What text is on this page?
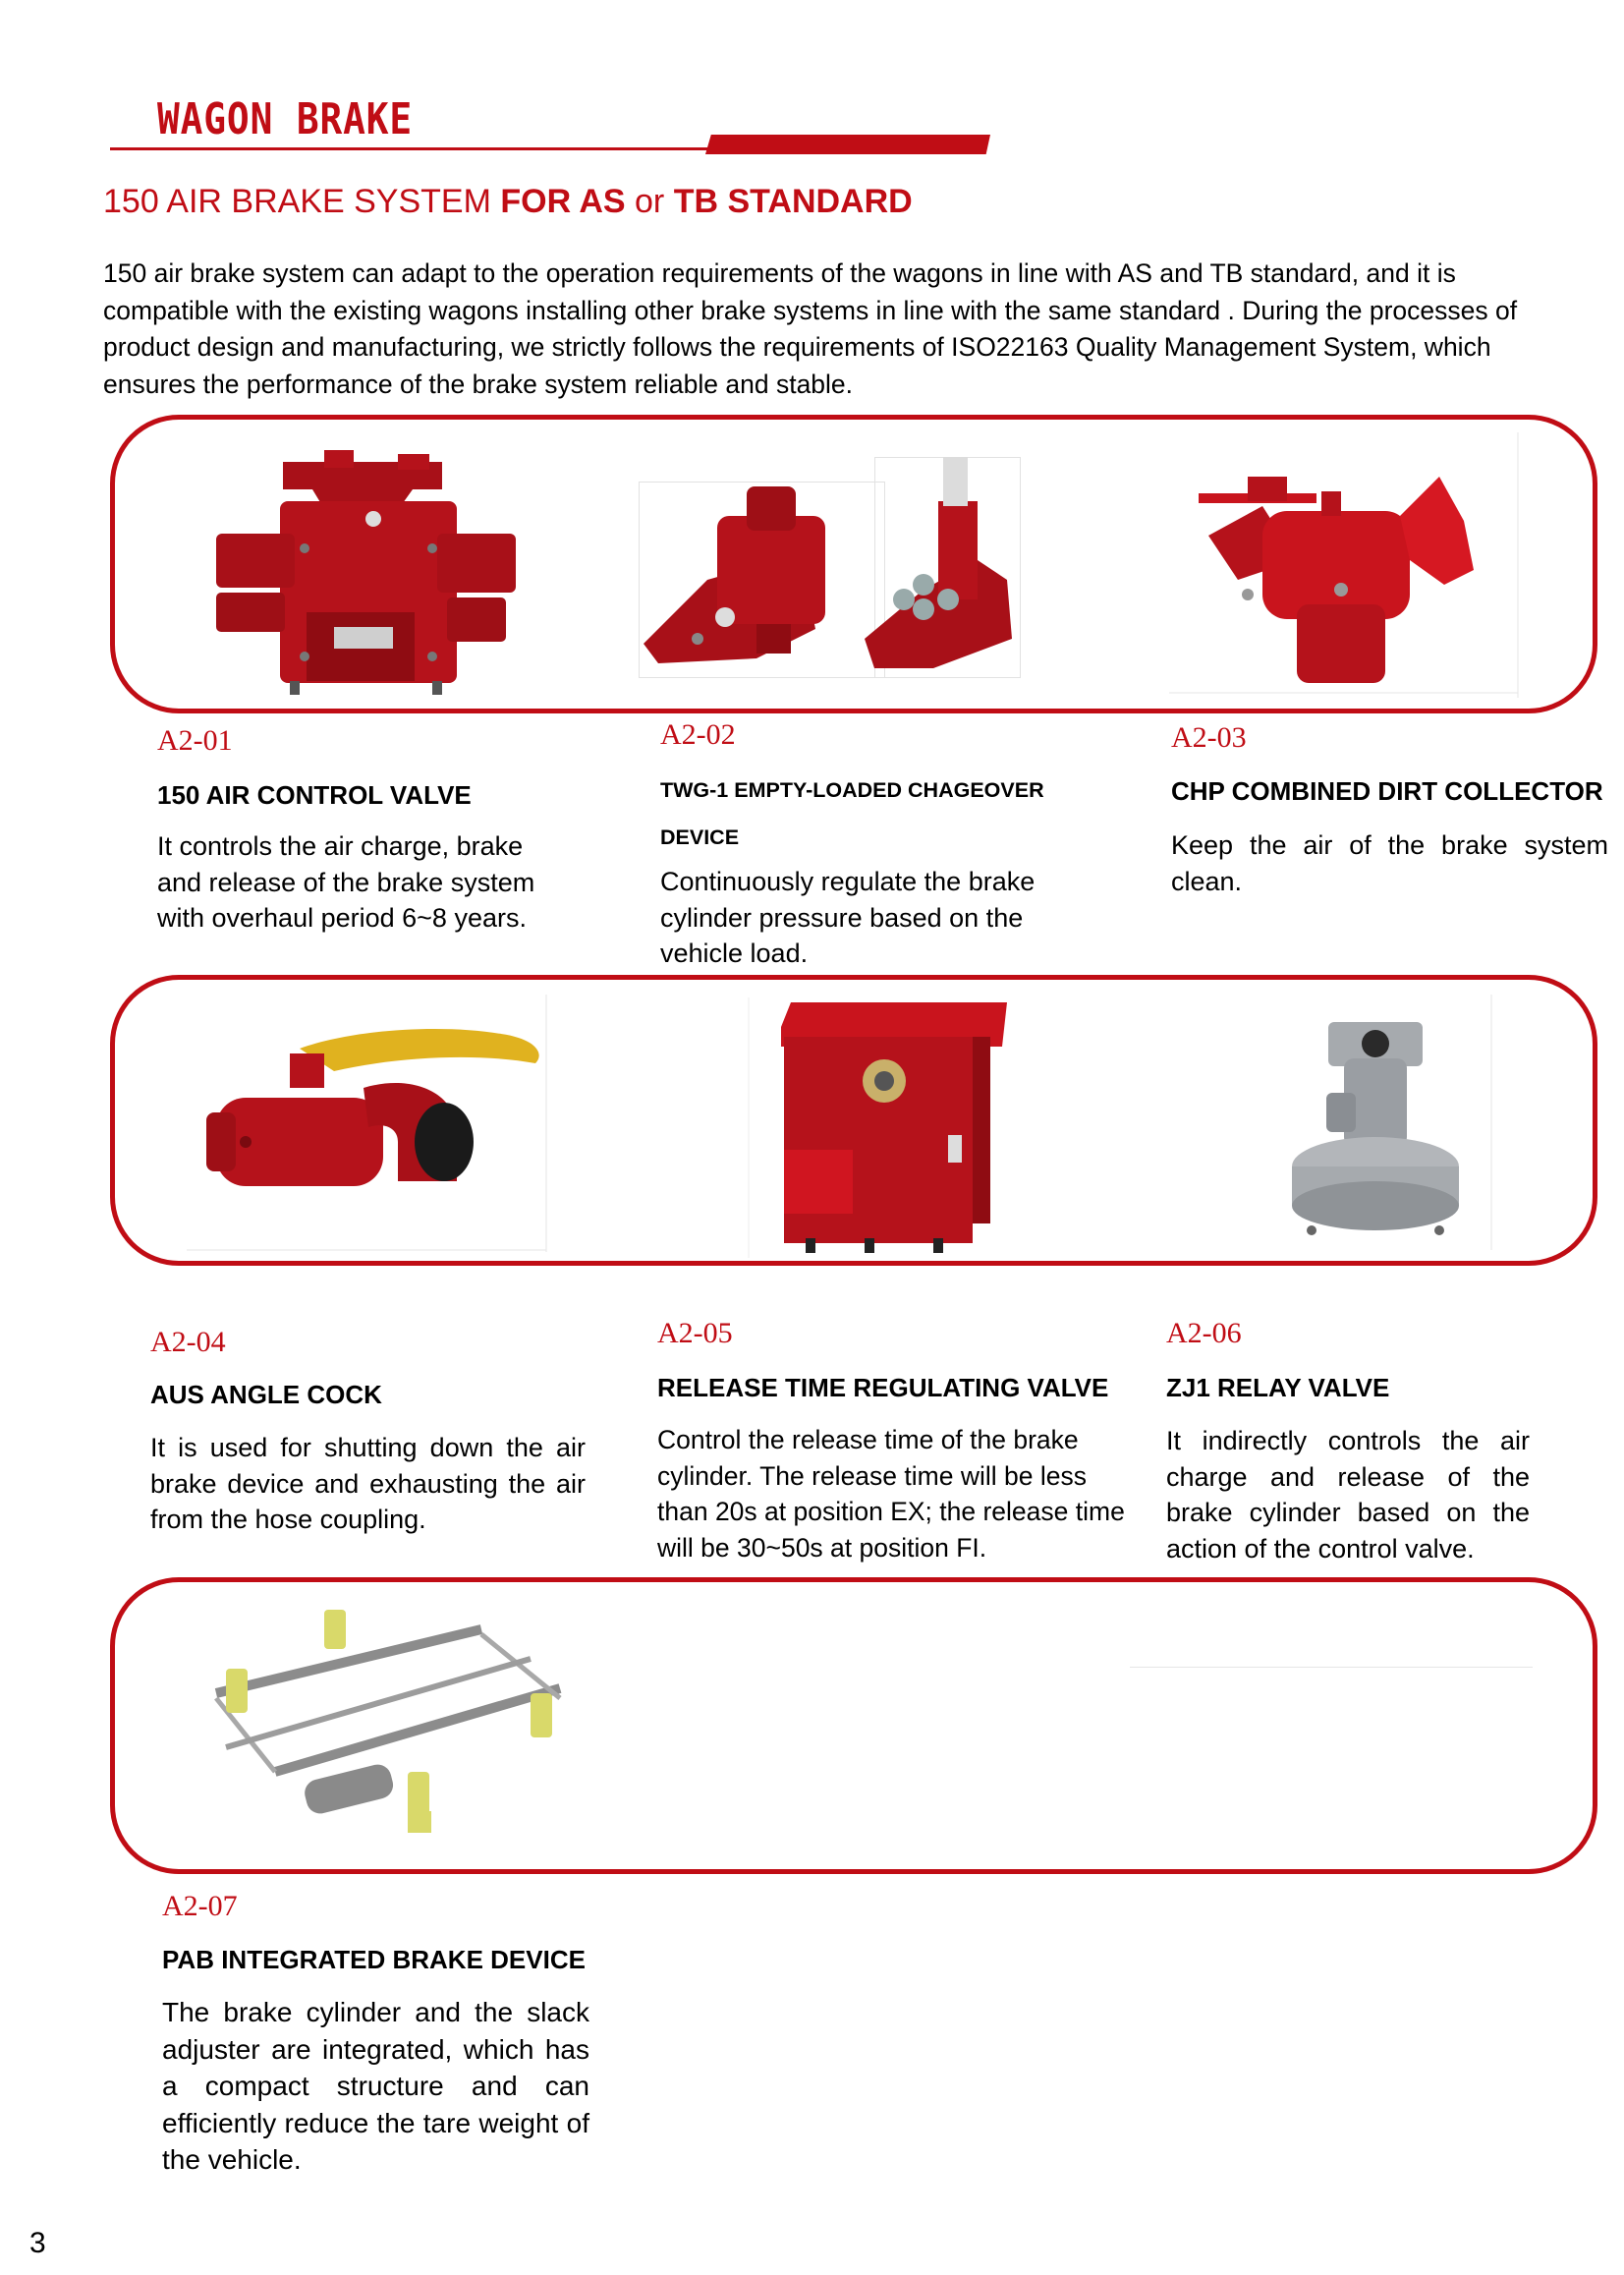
WAGON BRAKE
150 AIR BRAKE SYSTEM FOR AS or TB STANDARD

150 air brake system can adapt to the operation requirements of the wagons in line with AS and TB standard, and it is compatible with the existing wagons installing other brake systems in line with the same standard . During the processes of product design and manufacturing, we strictly follows the requirements of ISO22163 Quality Management System, which ensures the performance of the brake system reliable and stable.

A2-01

150 AIR CONTROL VALVE

It controls the air charge, brake and release of the brake system with overhaul period 6~8 years.

A2-02

TWG-1 EMPTY-LOADED CHAGEOVER DEVICE

Continuously regulate the brake cylinder pressure based on the vehicle load.

A2-03

CHP COMBINED DIRT COLLECTOR

Keep the air of the brake system clean.

A2-04

AUS ANGLE COCK

It is used for shutting down the air brake device and exhausting the air from the hose coupling.

A2-05

RELEASE TIME REGULATING VALVE

Control the release time of the brake cylinder. The release time will be less than 20s at position EX; the release time will be 30~50s at position FI.

A2-06

ZJ1 RELAY VALVE

It indirectly controls the air charge and release of the brake cylinder based on the action of the control valve.

A2-07

PAB INTEGRATED BRAKE DEVICE

The brake cylinder and the slack adjuster are integrated, which has a compact structure and can efficiently reduce the tare weight of the vehicle.

3
